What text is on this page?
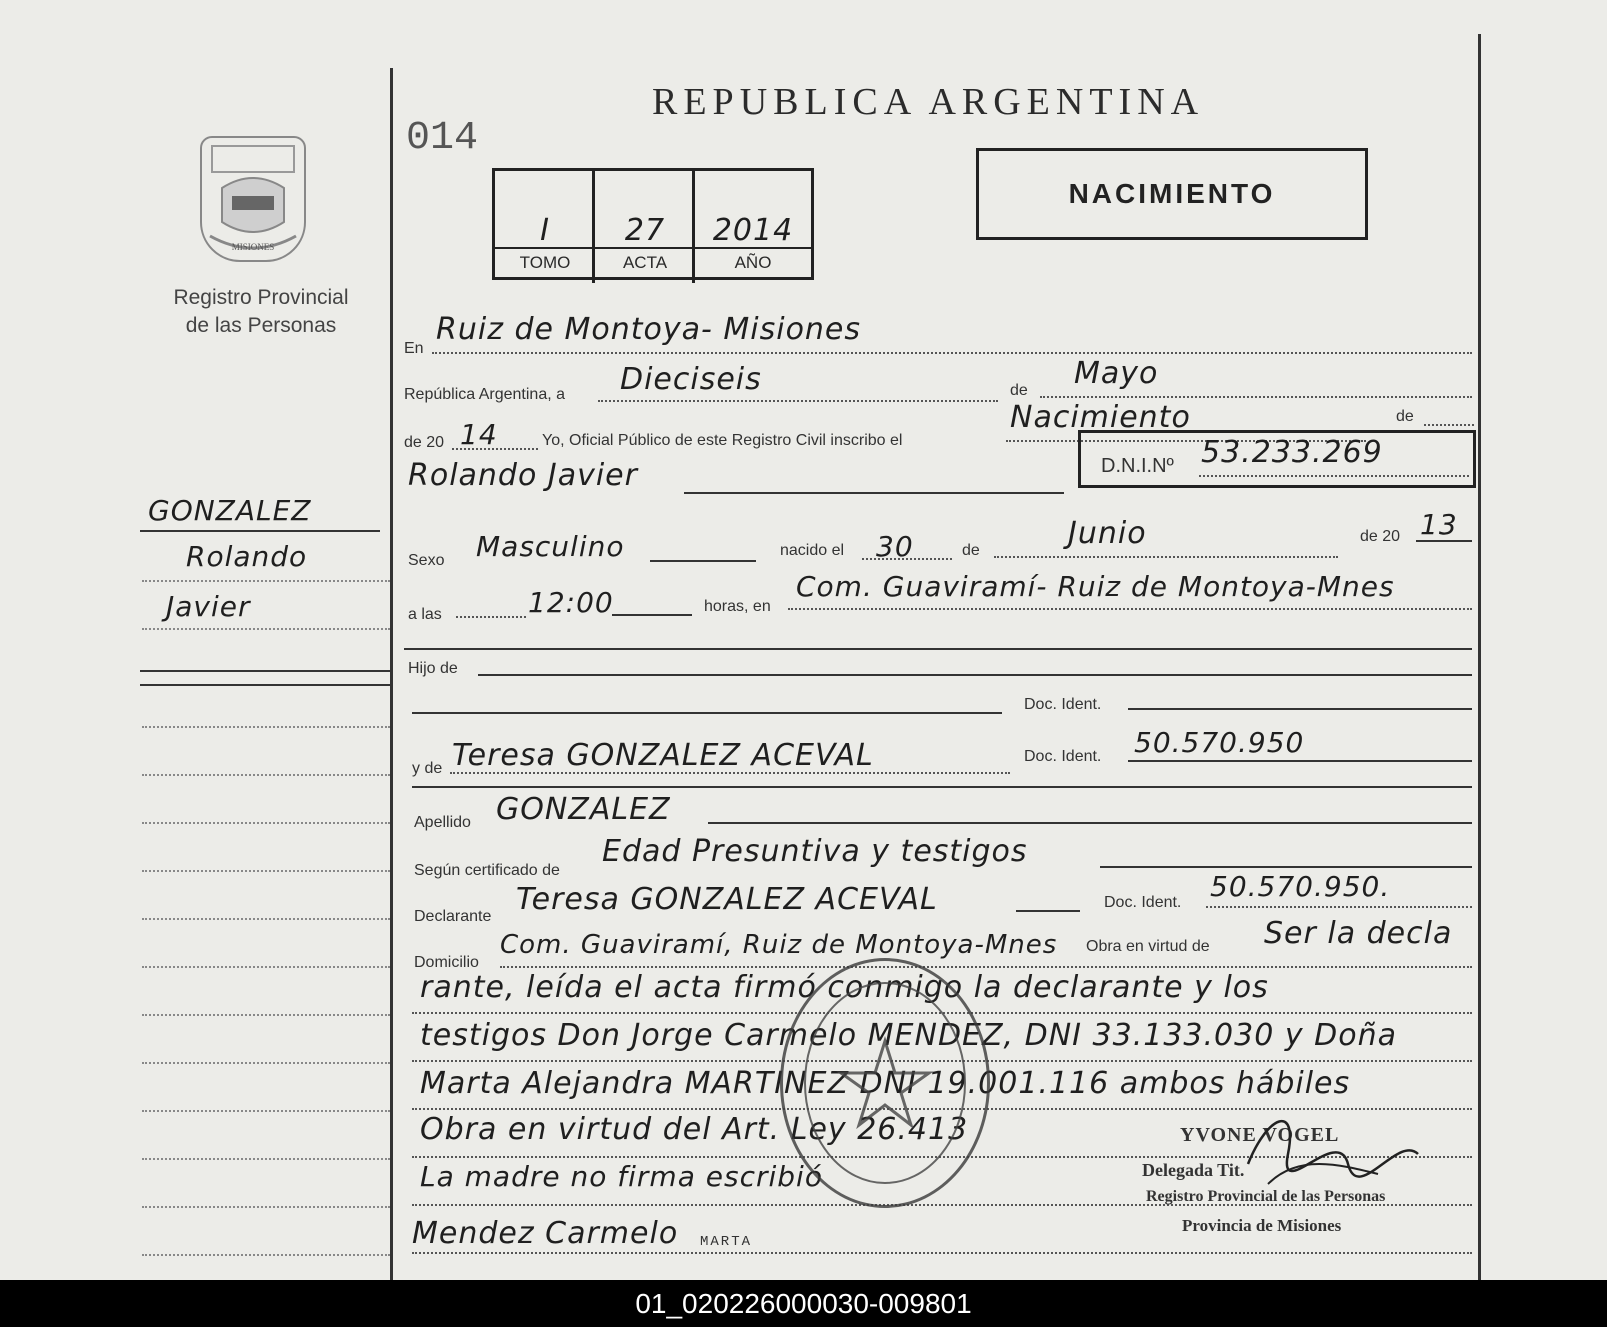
MISIONES
Registro Provincial
de las Personas
GONZALEZ
Rolando
Javier
014
REPUBLICA ARGENTINA
I	27	2014
TOMO	ACTA	AÑO
NACIMIENTO
En
Ruiz de Montoya- Misiones
República Argentina, a Dieciseis	de Mayo
de 20 14	Yo, Oficial Público de este Registro Civil inscribo el
Nacimiento	de
Rolando Javier	D.N.I.Nº 53.233.269
Sexo Masculino	nacido el 30	de	Junio	de 20 13
a las	12:00	horas, en
Com. Guaviramí- Ruiz de Montoya-Mnes
Hijo de
Doc. Ident.
y de Teresa GONZALEZ ACEVAL	Doc. Ident. 50.570.950
Apellido GONZALEZ
Según certificado de
Edad Presuntiva y testigos
Declarante Teresa GONZALEZ ACEVAL	Doc. Ident. 50.570.950.
Domicilio
Com. Guaviramí, Ruiz de Montoya-Mnes Obra en virtud de Ser la decla
rante, leída el acta firmó conmigo la declarante y los
testigos Don Jorge Carmelo MENDEZ, DNI 33.133.030 y Doña
Marta Alejandra MARTINEZ DNI 19.001.116 ambos hábiles
Obra en virtud del Art. Ley 26.413
La madre no firma escribió
YVONE VOGEL
Delegada Tit.
Registro Provincial de las Personas
Provincia de Misiones
Mendez Carmelo MARTA
01_020226000030-009801
